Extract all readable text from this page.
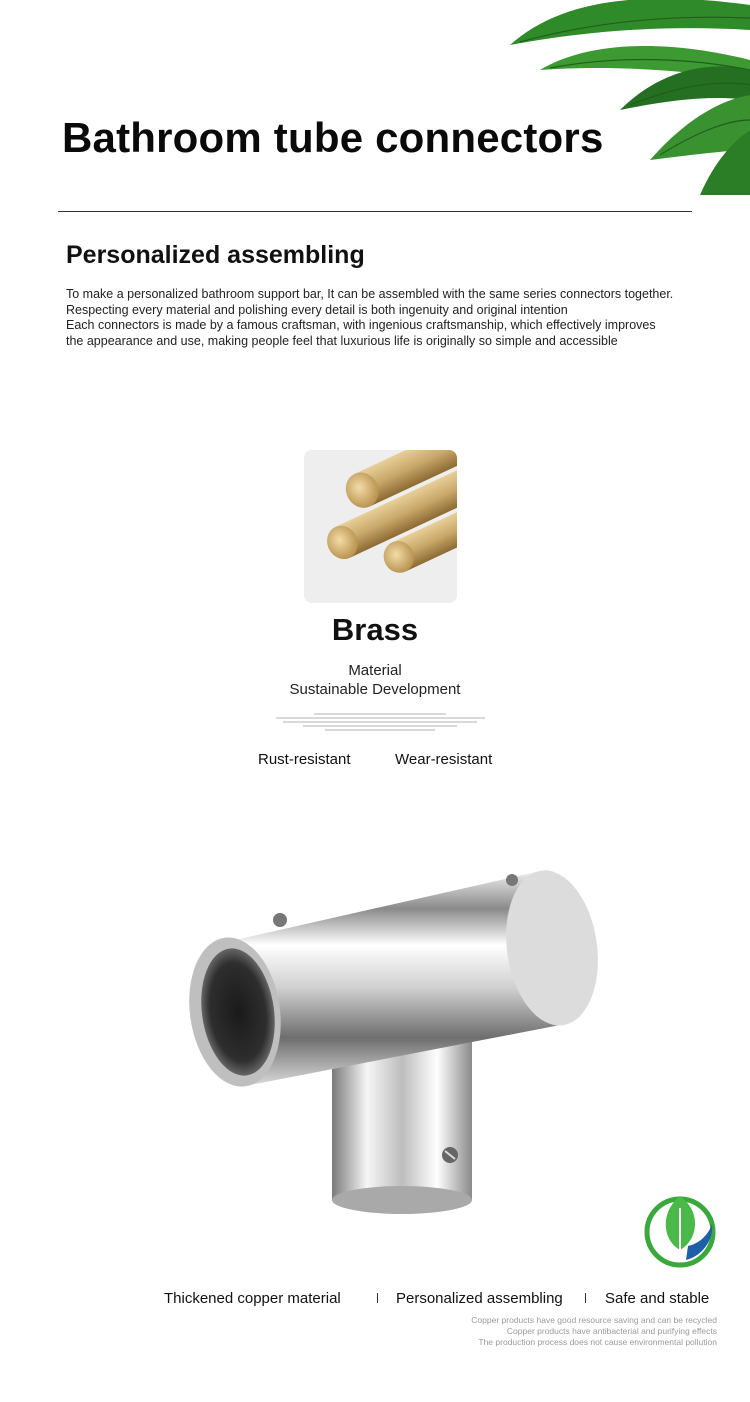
Bathroom tube connectors
Personalized assembling
To make a personalized bathroom support bar, It can be assembled with the same series connectors together.
Respecting every material and polishing every detail is both ingenuity and original intention
Each connectors is made by a famous craftsman, with ingenious craftsmanship, which effectively improves
the appearance and use, making people feel that luxurious life is originally so simple and accessible
Brass
Material
Sustainable Development
Rust-resistant	Wear-resistant
Thickened copper material	Personalized assembling	Safe and stable
Copper products have good resource saving and can be recycled
Copper products have antibacterial and purifying effects
The production process does not cause environmental pollution
